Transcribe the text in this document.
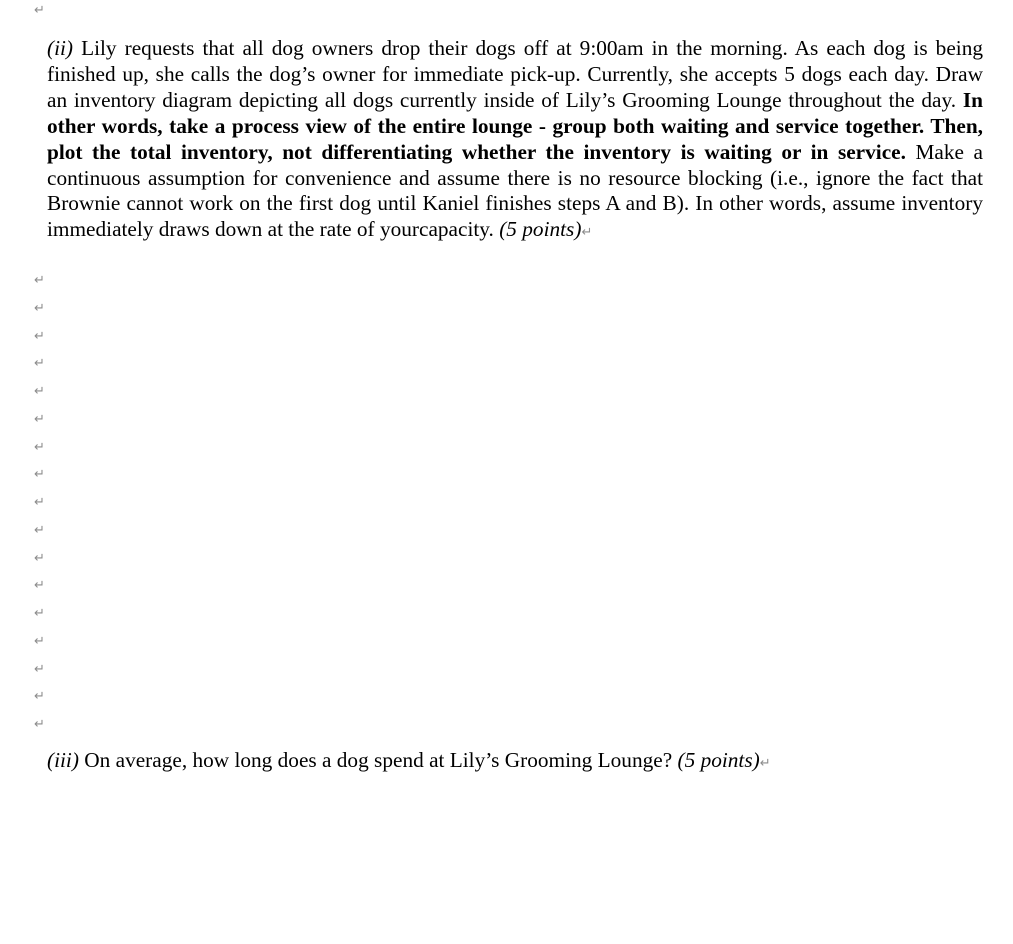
↵

(ii) Lily requests that all dog owners drop their dogs off at 9:00am in the morning. As each dog is being finished up, she calls the dog’s owner for immediate pick-up. Currently, she accepts 5 dogs each day. Draw an inventory diagram depicting all dogs currently inside of Lily’s Grooming Lounge throughout the day. In other words, take a process view of the entire lounge - group both waiting and service together. Then, plot the total inventory, not differentiating whether the inventory is waiting or in service. Make a continuous assumption for convenience and assume there is no resource blocking (i.e., ignore the fact that Brownie cannot work on the first dog until Kaniel finishes steps A and B). In other words, assume inventory immediately draws down at the rate of yourcapacity. (5 points)↵

↵
↵
↵
↵
↵
↵
↵
↵
↵
↵
↵
↵
↵
↵
↵
↵
↵

(iii) On average, how long does a dog spend at Lily’s Grooming Lounge? (5 points)↵
